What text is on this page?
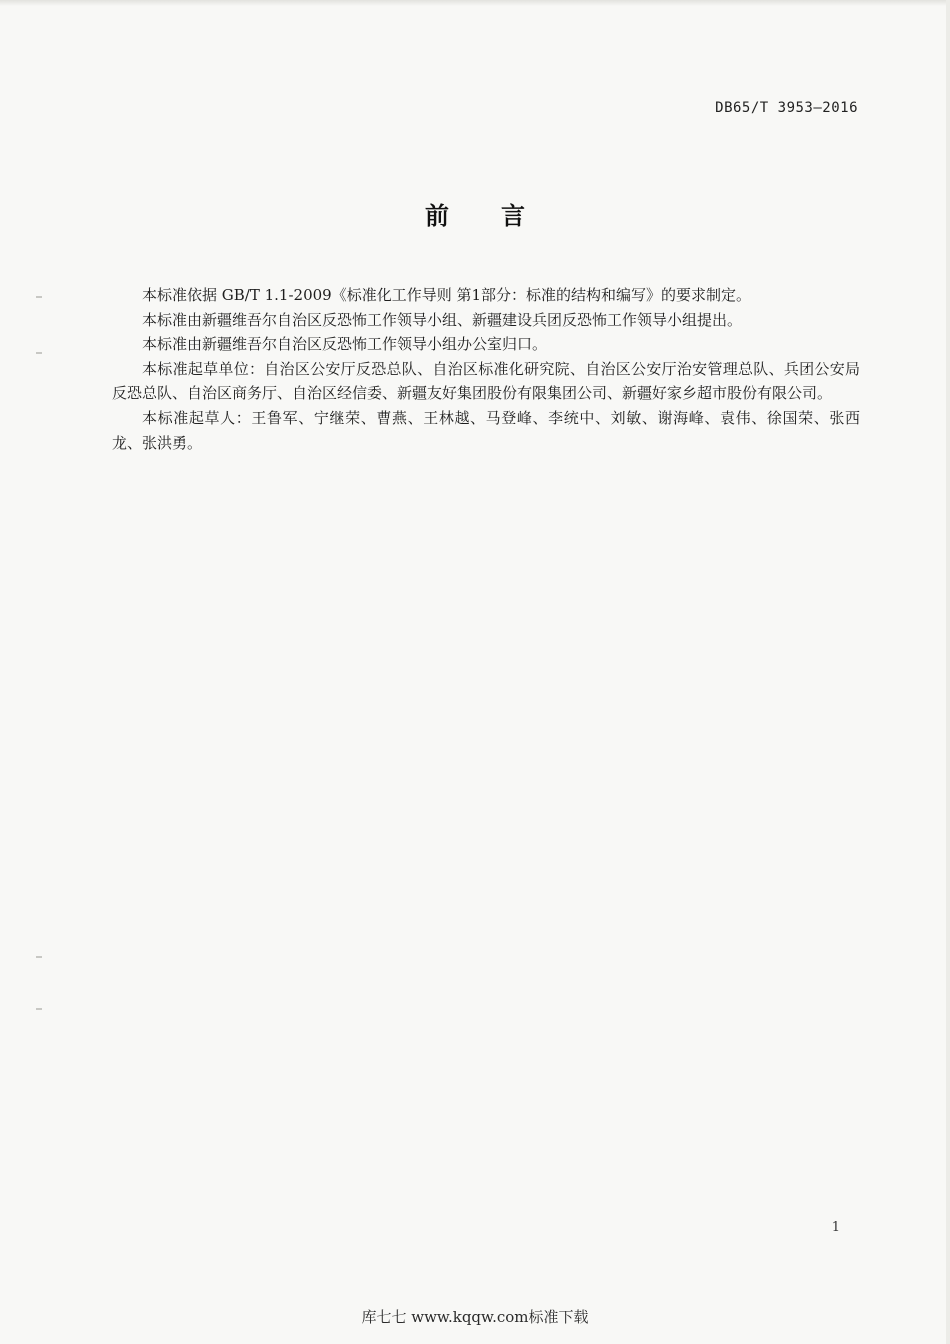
DB65/T 3953—2016
前言

本标准依据 GB/T 1.1-2009《标准化工作导则 第1部分：标准的结构和编写》的要求制定。

本标准由新疆维吾尔自治区反恐怖工作领导小组、新疆建设兵团反恐怖工作领导小组提出。

本标准由新疆维吾尔自治区反恐怖工作领导小组办公室归口。

本标准起草单位：自治区公安厅反恐总队、自治区标准化研究院、自治区公安厅治安管理总队、兵团公安局反恐总队、自治区商务厅、自治区经信委、新疆友好集团股份有限集团公司、新疆好家乡超市股份有限公司。

本标准起草人：王鲁军、宁继荣、曹燕、王林越、马登峰、李统中、刘敏、谢海峰、袁伟、徐国荣、张西龙、张洪勇。

1
库七七 www.kqqw.com标准下载
